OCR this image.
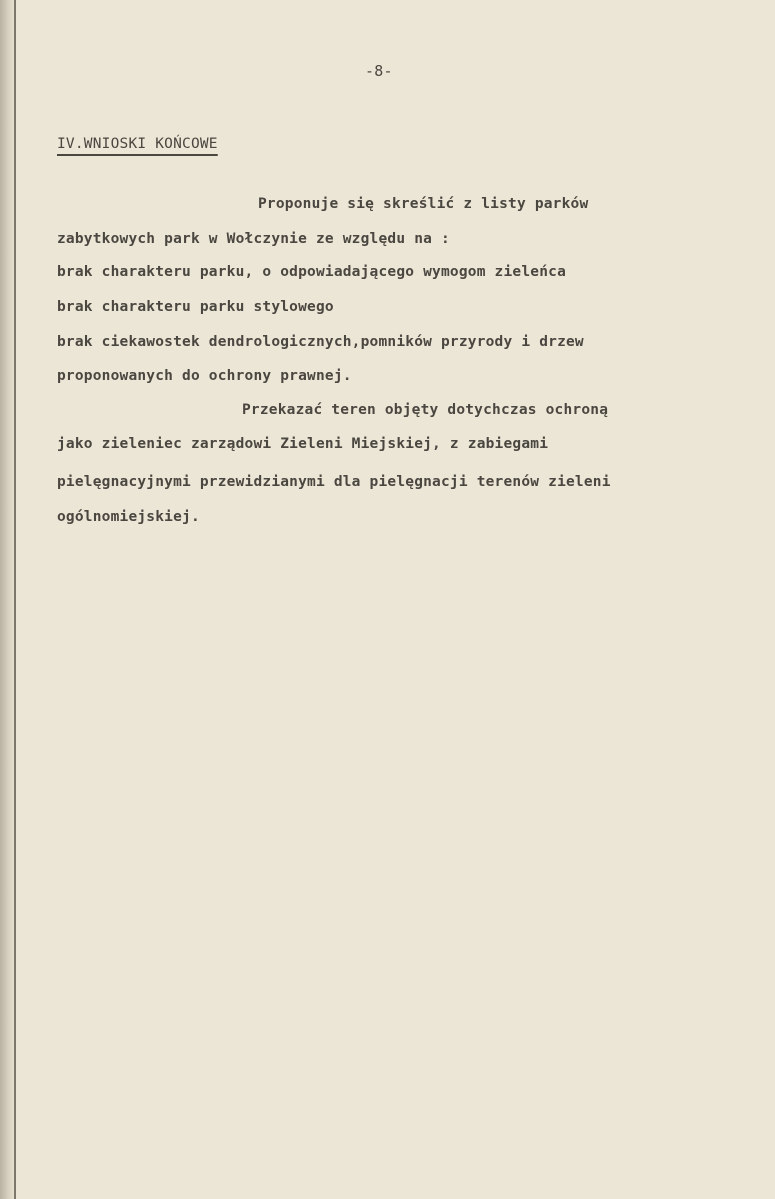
-8-
IV.WNIOSKI KOŃCOWE
Proponuje się skreślić z listy parków
zabytkowych park w Wołczynie ze względu na :
brak charakteru parku, o odpowiadającego wymogom zieleńca
brak charakteru parku stylowego
brak ciekawostek dendrologicznych,pomników przyrody i drzew
proponowanych do ochrony prawnej.
Przekazać teren objęty dotychczas ochroną
jako zieleniec zarządowi Zieleni Miejskiej, z zabiegami
pielęgnacyjnymi przewidzianymi dla pielęgnacji terenów zieleni
ogólnomiejskiej.
